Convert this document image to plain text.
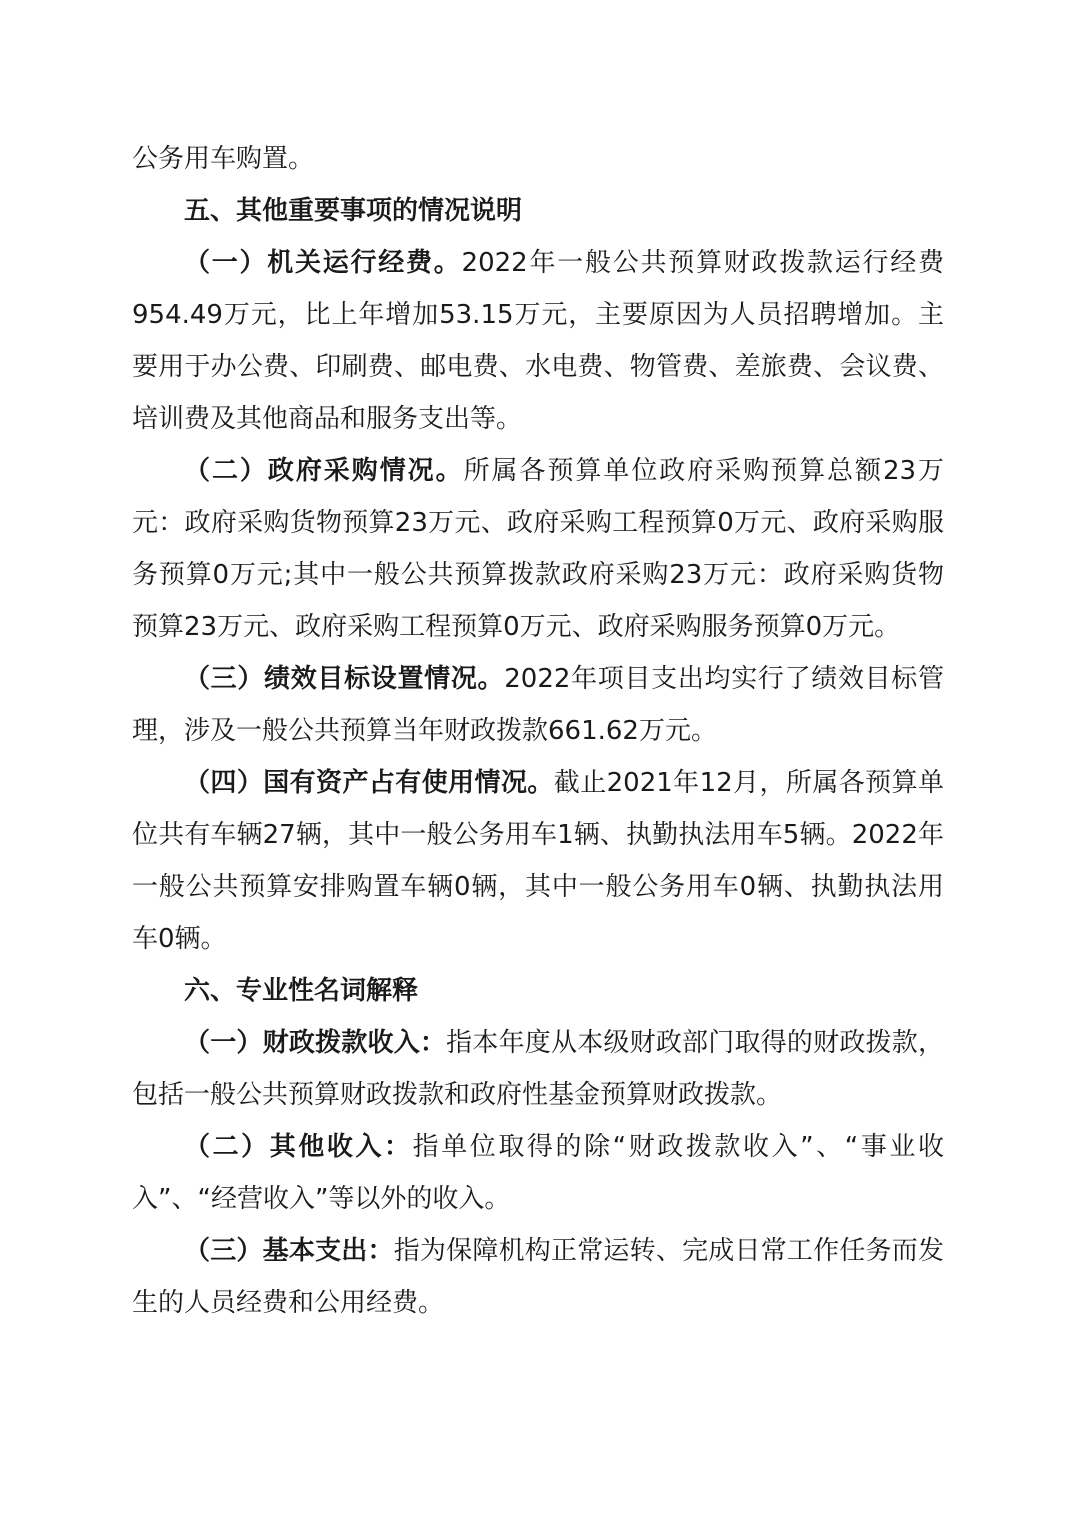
公务用车购置。

五、其他重要事项的情况说明

（一）机关运行经费。2022年一般公共预算财政拨款运行经费954.49万元，比上年增加53.15万元，主要原因为人员招聘增加。主要用于办公费、印刷费、邮电费、水电费、物管费、差旅费、会议费、培训费及其他商品和服务支出等。

（二）政府采购情况。所属各预算单位政府采购预算总额23万元：政府采购货物预算23万元、政府采购工程预算0万元、政府采购服务预算0万元;其中一般公共预算拨款政府采购23万元：政府采购货物预算23万元、政府采购工程预算0万元、政府采购服务预算0万元。

（三）绩效目标设置情况。2022年项目支出均实行了绩效目标管理，涉及一般公共预算当年财政拨款661.62万元。

（四）国有资产占有使用情况。截止2021年12月，所属各预算单位共有车辆27辆，其中一般公务用车1辆、执勤执法用车5辆。2022年一般公共预算安排购置车辆0辆，其中一般公务用车0辆、执勤执法用车0辆。

六、专业性名词解释

（一）财政拨款收入：指本年度从本级财政部门取得的财政拨款，包括一般公共预算财政拨款和政府性基金预算财政拨款。

（二）其他收入：指单位取得的除“财政拨款收入”、“事业收入”、“经营收入”等以外的收入。

（三）基本支出：指为保障机构正常运转、完成日常工作任务而发生的人员经费和公用经费。
